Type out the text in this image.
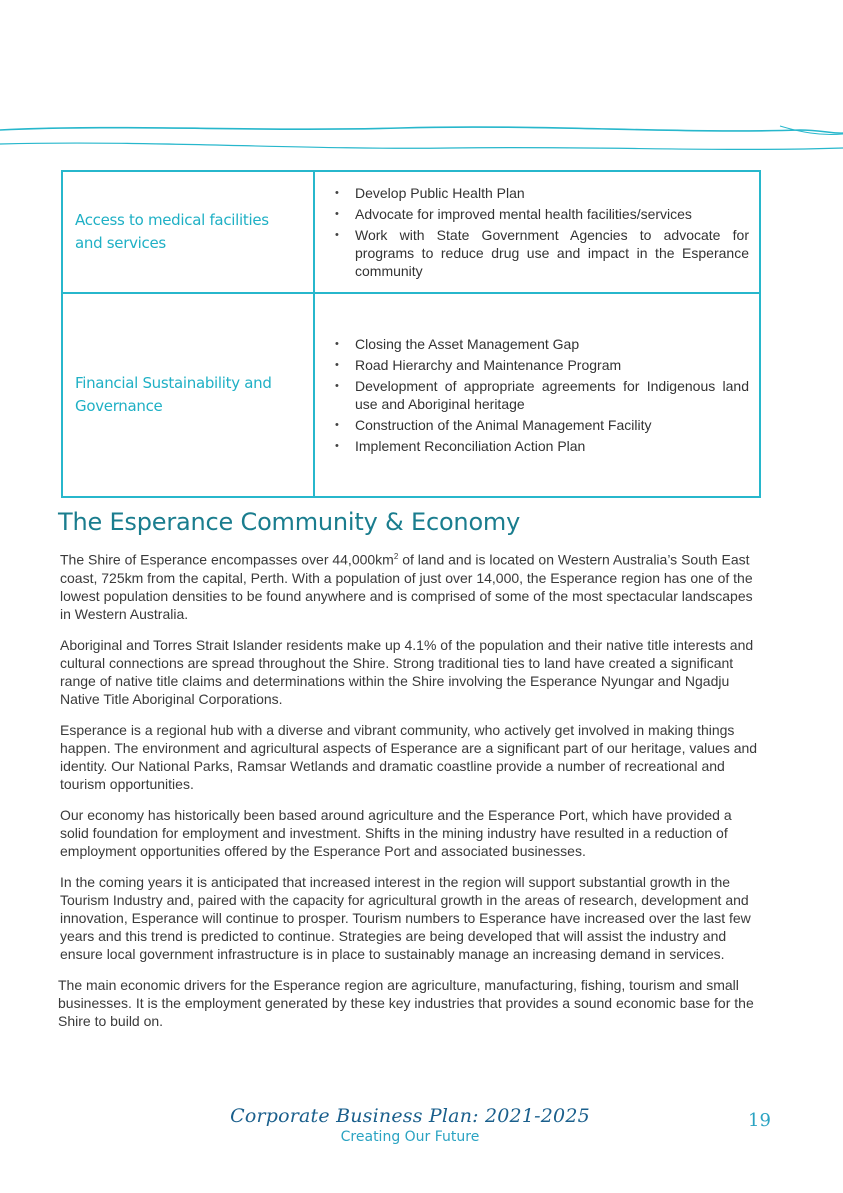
Access to medical facilities and services
• Develop Public Health Plan
• Advocate for improved mental health facilities/services
• Work with State Government Agencies to advocate for programs to reduce drug use and impact in the Esperance community
Financial Sustainability and Governance
• Closing the Asset Management Gap
• Road Hierarchy and Maintenance Program
• Development of appropriate agreements for Indigenous land use and Aboriginal heritage
• Construction of the Animal Management Facility
• Implement Reconciliation Action Plan
The Esperance Community & Economy

The Shire of Esperance encompasses over $44,000km^2$ of land and is located on Western Australia’s South East coast, 725km from the capital, Perth. With a population of just over 14,000, the Esperance region has one of the lowest population densities to be found anywhere and is comprised of some of the most spectacular landscapes in Western Australia.

Aboriginal and Torres Strait Islander residents make up 4.1% of the population and their native title interests and cultural connections are spread throughout the Shire. Strong traditional ties to land have created a significant range of native title claims and determinations within the Shire involving the Esperance Nyungar and Ngadju Native Title Aboriginal Corporations.

Esperance is a regional hub with a diverse and vibrant community, who actively get involved in making things happen. The environment and agricultural aspects of Esperance are a significant part of our heritage, values and identity. Our National Parks, Ramsar Wetlands and dramatic coastline provide a number of recreational and tourism opportunities.

Our economy has historically been based around agriculture and the Esperance Port, which have provided a solid foundation for employment and investment. Shifts in the mining industry have resulted in a reduction of employment opportunities offered by the Esperance Port and associated businesses.

In the coming years it is anticipated that increased interest in the region will support substantial growth in the Tourism Industry and, paired with the capacity for agricultural growth in the areas of research, development and innovation, Esperance will continue to prosper. Tourism numbers to Esperance have increased over the last few years and this trend is predicted to continue. Strategies are being developed that will assist the industry and ensure local government infrastructure is in place to sustainably manage an increasing demand in services.

The main economic drivers for the Esperance region are agriculture, manufacturing, fishing, tourism and small businesses. It is the employment generated by these key industries that provides a sound economic base for the Shire to build on.

Corporate Business Plan: 2021-2025
Creating Our Future
19
